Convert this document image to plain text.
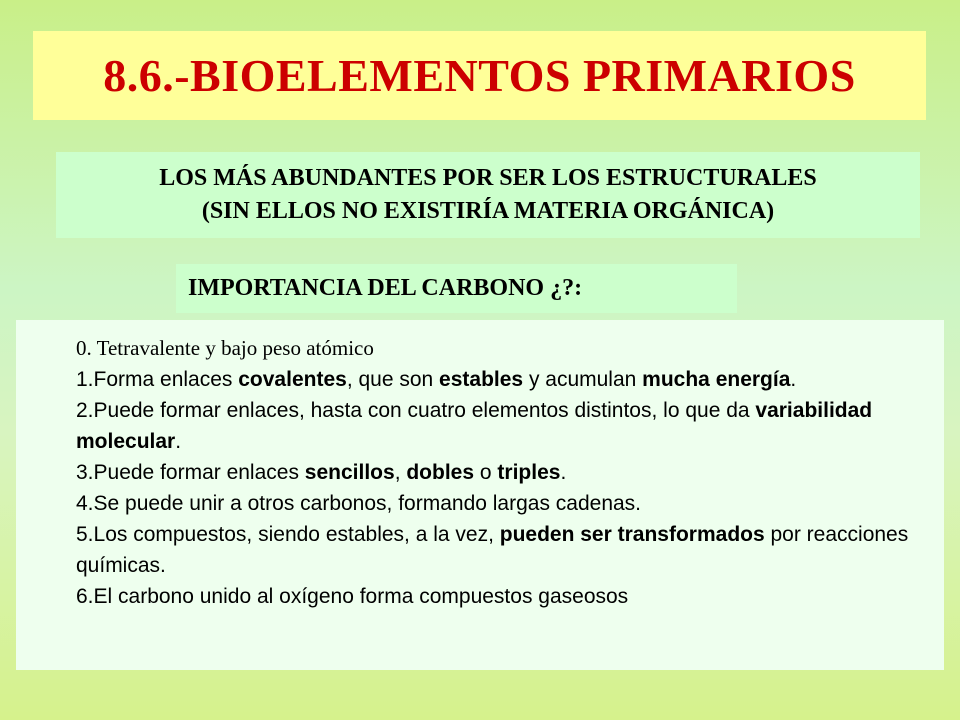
8.6.-BIOELEMENTOS PRIMARIOS
LOS MÁS ABUNDANTES POR SER LOS ESTRUCTURALES
(SIN ELLOS NO EXISTIRÍA MATERIA ORGÁNICA)
IMPORTANCIA DEL CARBONO ¿?:

0. Tetravalente y bajo peso atómico

1.Forma enlaces covalentes, que son estables y acumulan mucha energía.

2.Puede formar enlaces, hasta con cuatro elementos distintos, lo que da variabilidad molecular.

3.Puede formar enlaces sencillos, dobles o triples.

4.Se puede unir a otros carbonos, formando largas cadenas.

5.Los compuestos, siendo estables, a la vez, pueden ser transformados por reacciones químicas.

6.El carbono unido al oxígeno forma compuestos gaseosos
